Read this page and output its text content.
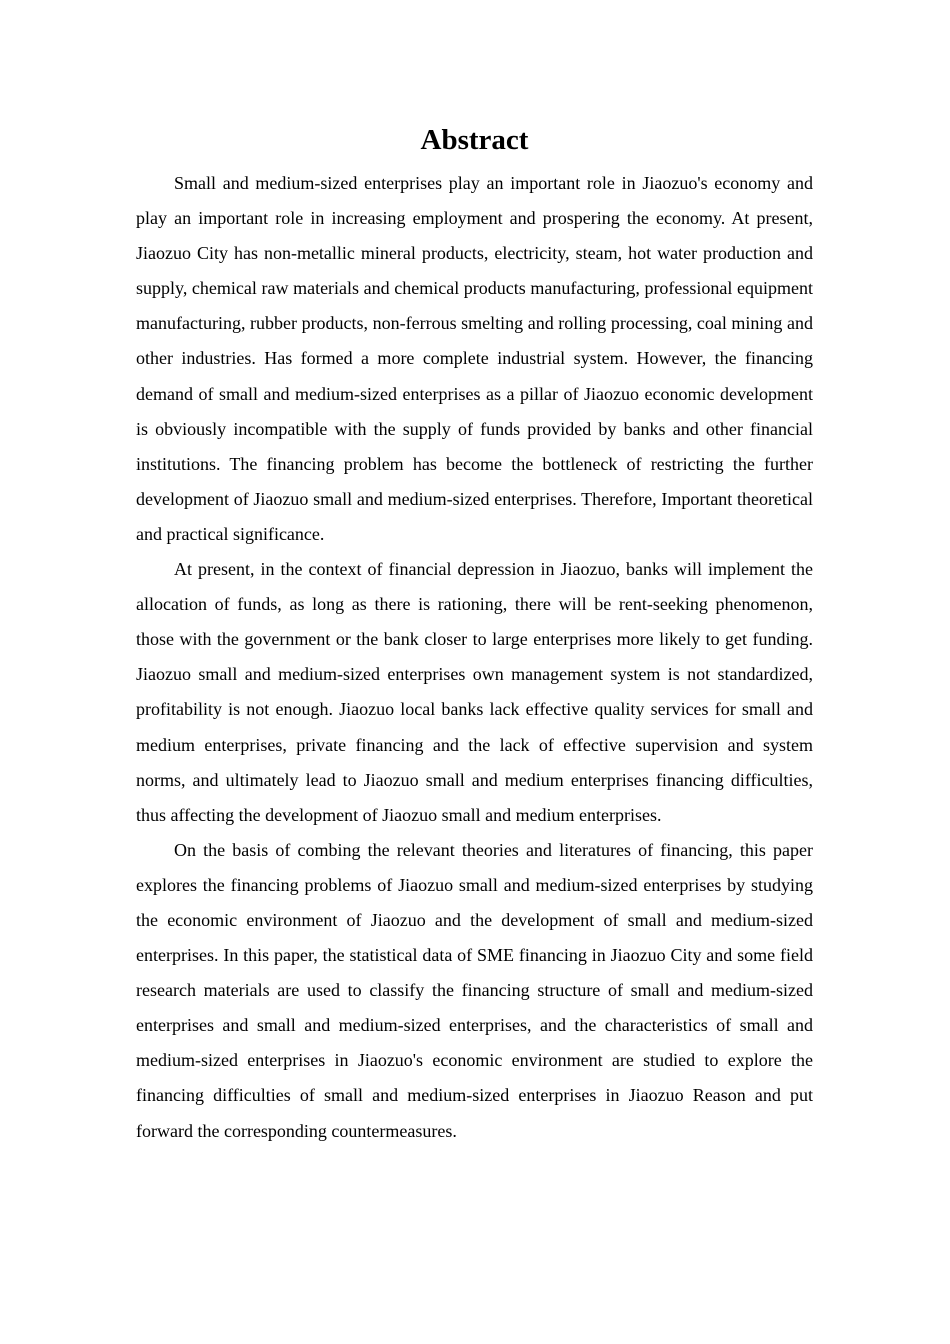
Abstract

Small and medium-sized enterprises play an important role in Jiaozuo's economy and play an important role in increasing employment and prospering the economy. At present, Jiaozuo City has non-metallic mineral products, electricity, steam, hot water production and supply, chemical raw materials and chemical products manufacturing, professional equipment manufacturing, rubber products, non-ferrous smelting and rolling processing, coal mining and other industries. Has formed a more complete industrial system. However, the financing demand of small and medium-sized enterprises as a pillar of Jiaozuo economic development is obviously incompatible with the supply of funds provided by banks and other financial institutions. The financing problem has become the bottleneck of restricting the further development of Jiaozuo small and medium-sized enterprises. Therefore, Important theoretical and practical significance.

At present, in the context of financial depression in Jiaozuo, banks will implement the allocation of funds, as long as there is rationing, there will be rent-seeking phenomenon, those with the government or the bank closer to large enterprises more likely to get funding. Jiaozuo small and medium-sized enterprises own management system is not standardized, profitability is not enough. Jiaozuo local banks lack effective quality services for small and medium enterprises, private financing and the lack of effective supervision and system norms, and ultimately lead to Jiaozuo small and medium enterprises financing difficulties, thus affecting the development of Jiaozuo small and medium enterprises.

On the basis of combing the relevant theories and literatures of financing, this paper explores the financing problems of Jiaozuo small and medium-sized enterprises by studying the economic environment of Jiaozuo and the development of small and medium-sized enterprises. In this paper, the statistical data of SME financing in Jiaozuo City and some field research materials are used to classify the financing structure of small and medium-sized enterprises and small and medium-sized enterprises, and the characteristics of small and medium-sized enterprises in Jiaozuo's economic environment are studied to explore the financing difficulties of small and medium-sized enterprises in Jiaozuo Reason and put forward the corresponding countermeasures.
